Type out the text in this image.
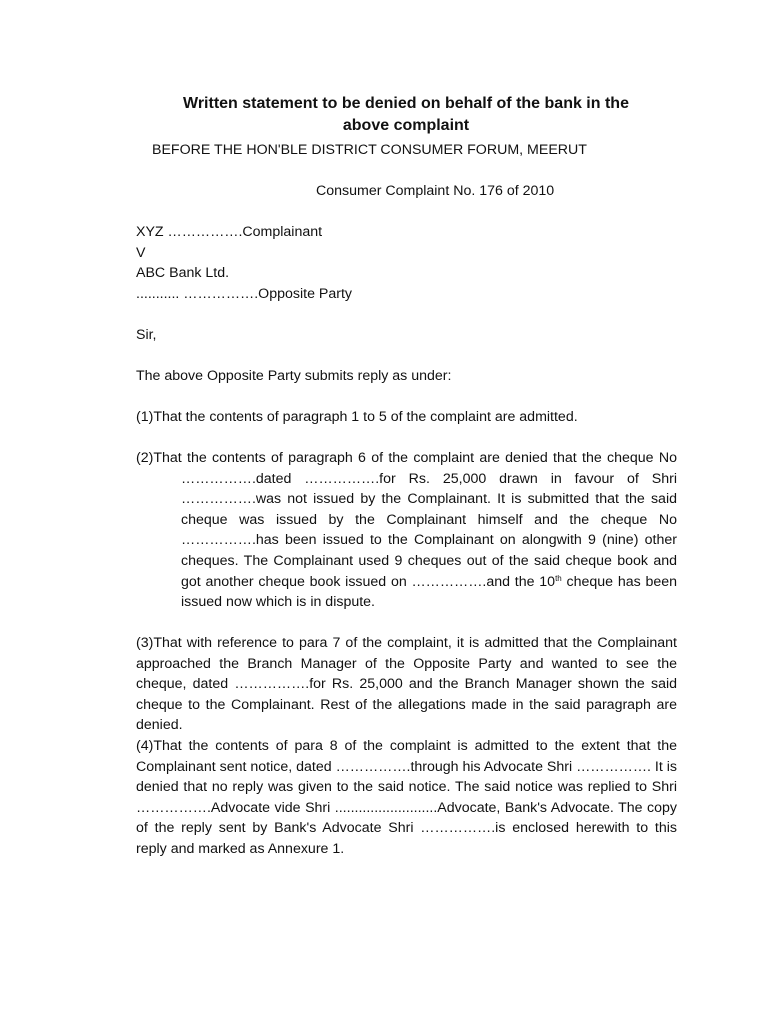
Written statement to be denied on behalf of the bank in the
above complaint
BEFORE THE HON'BLE DISTRICT CONSUMER FORUM, MEERUT
Consumer Complaint No. 176 of 2010
XYZ …………….Complainant
V
ABC Bank Ltd.
........... …………….Opposite Party
Sir,
The above Opposite Party submits reply as under:
(1)That the contents of paragraph 1 to 5 of the complaint are admitted.
(2)That the contents of paragraph 6 of the complaint are denied that the cheque No …………….dated …………….for Rs. 25,000 drawn in favour of Shri …………….was not issued by the Complainant. It is submitted that the said cheque was issued by the Complainant himself and the cheque No …………….has been issued to the Complainant on alongwith 9 (nine) other cheques. The Complainant used 9 cheques out of the said cheque book and got another cheque book issued on …………….and the 10th cheque has been issued now which is in dispute.
(3)That with reference to para 7 of the complaint, it is admitted that the Complainant approached the Branch Manager of the Opposite Party and wanted to see the cheque, dated …………….for Rs. 25,000 and the Branch Manager shown the said cheque to the Complainant. Rest of the allegations made in the said paragraph are denied.
(4)That the contents of para 8 of the complaint is admitted to the extent that the Complainant sent notice, dated …………….through his Advocate Shri ……………. It is denied that no reply was given to the said notice. The said notice was replied to Shri …………….Advocate vide Shri ..........................Advocate, Bank's Advocate. The copy of the reply sent by Bank's Advocate Shri …………….is enclosed herewith to this reply and marked as Annexure 1.
